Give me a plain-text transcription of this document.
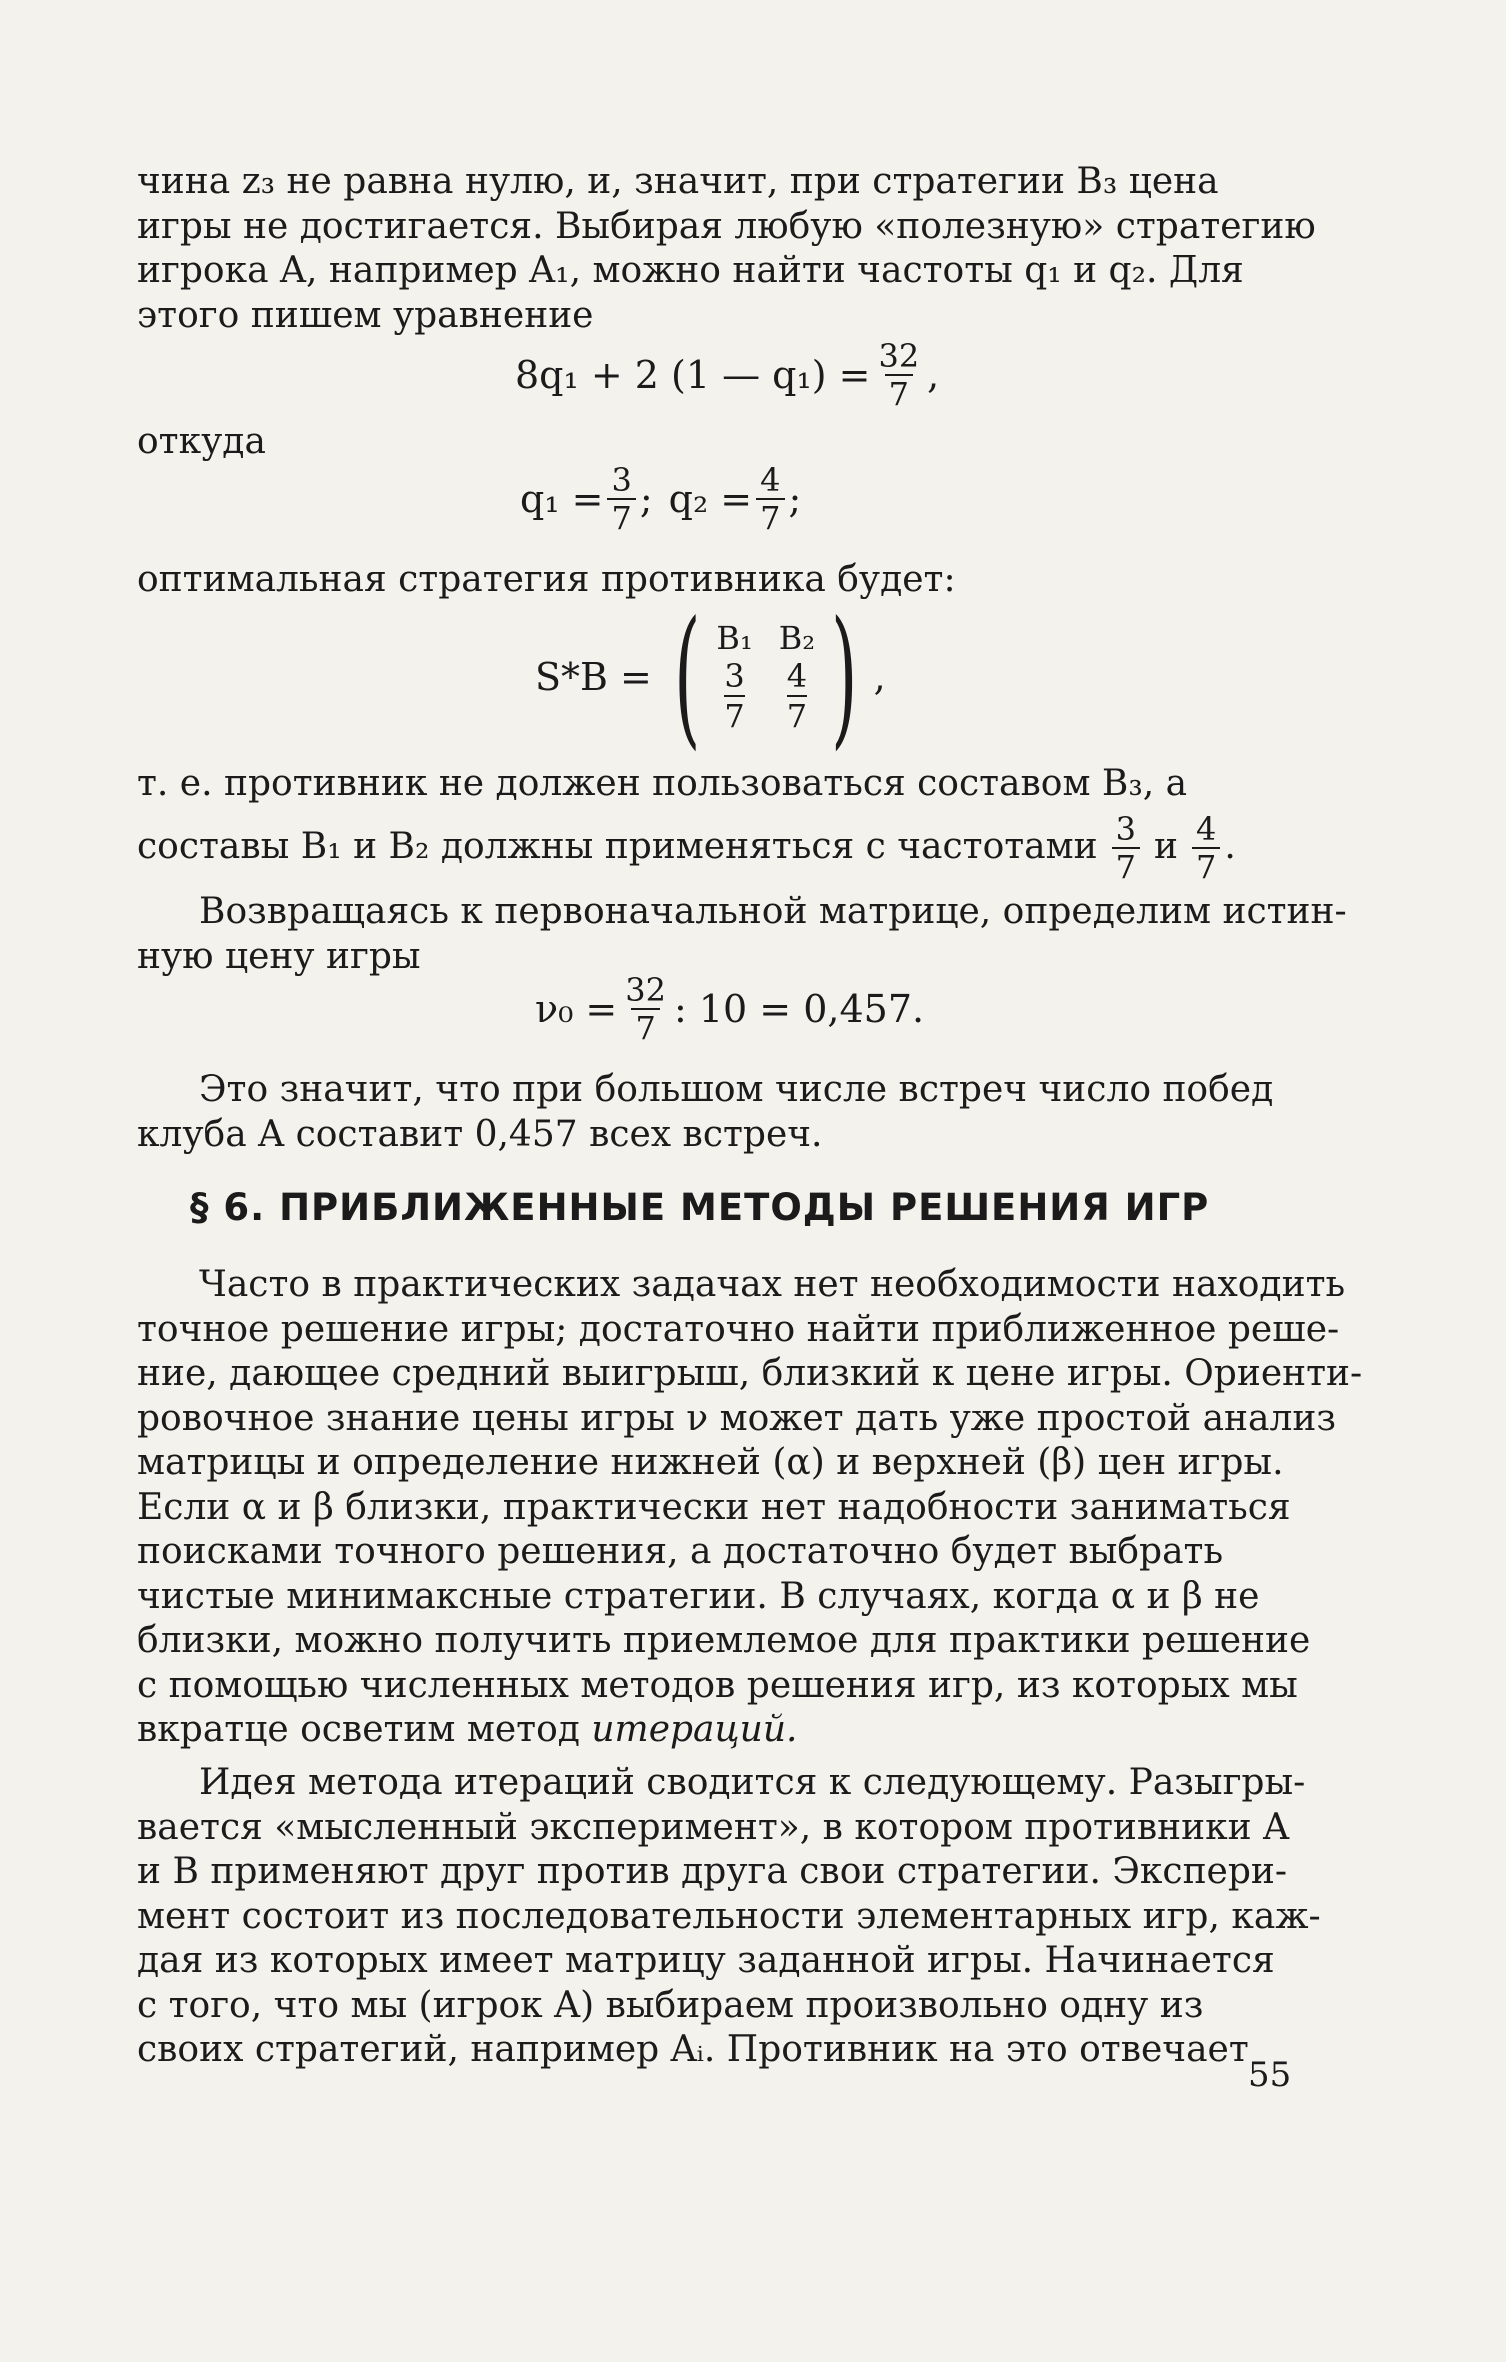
чина z₃ не равна нулю, и, значит, при стратегии B₃ цена
игры не достигается. Выбирая любую «полезную» стратегию
игрока A, например A₁, можно найти частоты q₁ и q₂. Для
этого пишем уравнение
8q₁ + 2 (1 — $q_1) = \frac{32}{7}$ ,
откуда
$q_1 = \frac{3}{7}$ ; $q_2 = \frac{4}{7}$ ;
оптимальная стратегия противника будет:
S*B = ( B₁
3
7
B₂
4
7 ) ,
т. е. противник не должен пользоваться составом B₃, а
составы B₁ и B₂ должны применяться с частотами $\frac{3}{7}$ и $\frac{4}{7}$ .
Возвращаясь к первоначальной матрице, определим истин-
ную цену игры
$\nu_0 = \frac{32}{7}$ : 10 = 0,457.
Это значит, что при большом числе встреч число побед
клуба A составит 0,457 всех встреч.
§ 6. ПРИБЛИЖЕННЫЕ МЕТОДЫ РЕШЕНИЯ ИГР
Часто в практических задачах нет необходимости находить
точное решение игры; достаточно найти приближенное реше-
ние, дающее средний выигрыш, близкий к цене игры. Ориенти-
ровочное знание цены игры ν может дать уже простой анализ
матрицы и определение нижней (α) и верхней (β) цен игры.
Если α и β близки, практически нет надобности заниматься
поисками точного решения, а достаточно будет выбрать
чистые минимаксные стратегии. В случаях, когда α и β не
близки, можно получить приемлемое для практики решение
с помощью численных методов решения игр, из которых мы
вкратце осветим метод итераций.
Идея метода итераций сводится к следующему. Разыгры-
вается «мысленный эксперимент», в котором противники A
и B применяют друг против друга свои стратегии. Экспери-
мент состоит из последовательности элементарных игр, каж-
дая из которых имеет матрицу заданной игры. Начинается
с того, что мы (игрок A) выбираем произвольно одну из
своих стратегий, например Aᵢ. Противник на это отвечает
55
